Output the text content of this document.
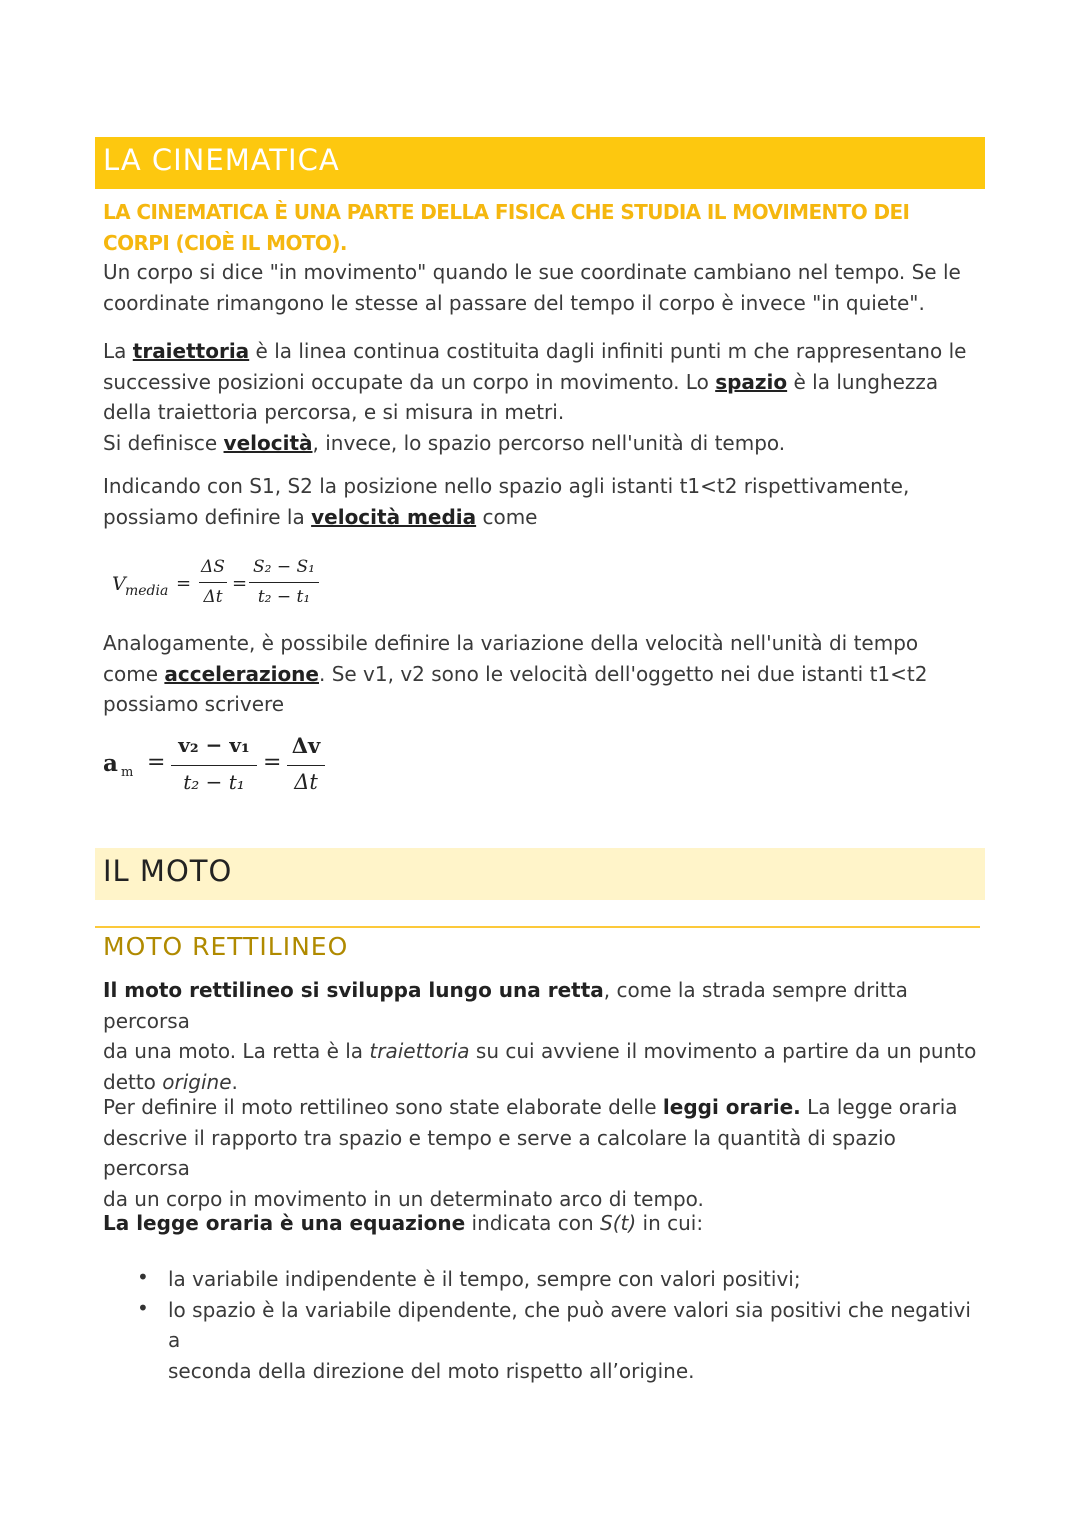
LA CINEMATICA
LA CINEMATICA È UNA PARTE DELLA FISICA CHE STUDIA IL MOVIMENTO DEI
CORPI (CIOÈ IL MOTO).
Un corpo si dice "in movimento" quando le sue coordinate cambiano nel tempo. Se le
coordinate rimangono le stesse al passare del tempo il corpo è invece "in quiete".
La traiettoria è la linea continua costituita dagli infiniti punti m che rappresentano le
successive posizioni occupate da un corpo in movimento. Lo spazio è la lunghezza
della traiettoria percorsa, e si misura in metri.
Si definisce velocità, invece, lo spazio percorso nell'unità di tempo.
Indicando con S1, S2 la posizione nello spazio agli istanti t1<t2 rispettivamente,
possiamo definire la velocità media come
V media =
ΔS
Δt
=
S₂ − S₁
t₂ − t₁
Analogamente, è possibile definire la variazione della velocità nell'unità di tempo
come accelerazione. Se v1, v2 sono le velocità dell'oggetto nei due istanti t1<t2
possiamo scrivere
a m =
v₂ − v₁
t₂ − t₁
=
Δv
Δt
IL MOTO
MOTO RETTILINEO
Il moto rettilineo si sviluppa lungo una retta, come la strada sempre dritta percorsa
da una moto. La retta è la traiettoria su cui avviene il movimento a partire da un punto
detto origine.
Per definire il moto rettilineo sono state elaborate delle leggi orarie. La legge oraria
descrive il rapporto tra spazio e tempo e serve a calcolare la quantità di spazio percorsa
da un corpo in movimento in un determinato arco di tempo.
La legge oraria è una equazione indicata con S(t) in cui:
•
•
la variabile indipendente è il tempo, sempre con valori positivi;
lo spazio è la variabile dipendente, che può avere valori sia positivi che negativi a
seconda della direzione del moto rispetto all’origine.
